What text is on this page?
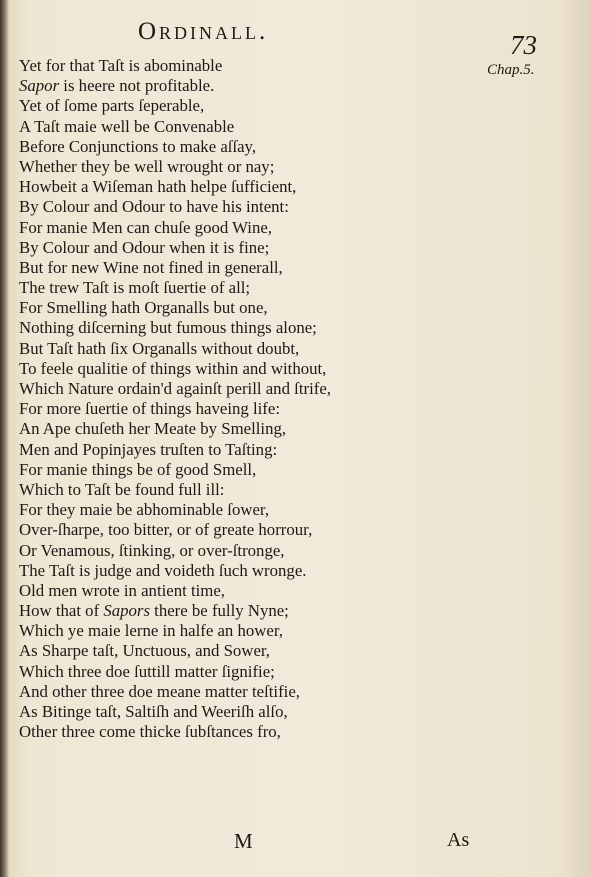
Ordinall.	73
Chap.5.
Yet for that Taſt is abominable
Sapor is heere not profitable.
Yet of ſome parts ſeperable,
A Taſt maie well be Convenable
Before Conjunctions to make aſſay,
Whether they be well wrought or nay;
Howbeit a Wiſeman hath helpe ſufficient,
By Colour and Odour to have his intent:
For manie Men can chuſe good Wine,
By Colour and Odour when it is fine;
But for new Wine not fined in generall,
The trew Taſt is moſt ſuertie of all;
For Smelling hath Organalls but one,
Nothing diſcerning but fumous things alone;
But Taſt hath ſix Organalls without doubt,
To feele qualitie of things within and without,
Which Nature ordain'd againſt perill and ſtrife,
For more ſuertie of things haveing life:
An Ape chuſeth her Meate by Smelling,
Men and Popinjayes truſten to Taſting:
For manie things be of good Smell,
Which to Taſt be found full ill:
For they maie be abhominable ſower,
Over-ſharpe, too bitter, or of greate horrour,
Or Venamous, ſtinking, or over-ſtronge,
The Taſt is judge and voideth ſuch wronge.
Old men wrote in antient time,
How that of Sapors there be fully Nyne;
Which ye maie lerne in halfe an hower,
As Sharpe taſt, Unctuous, and Sower,
Which three doe ſuttill matter ſignifie;
And other three doe meane matter teſtifie,
As Bitinge taſt, Saltiſh and Weeriſh alſo,
Other three come thicke ſubſtances fro,
M	As
